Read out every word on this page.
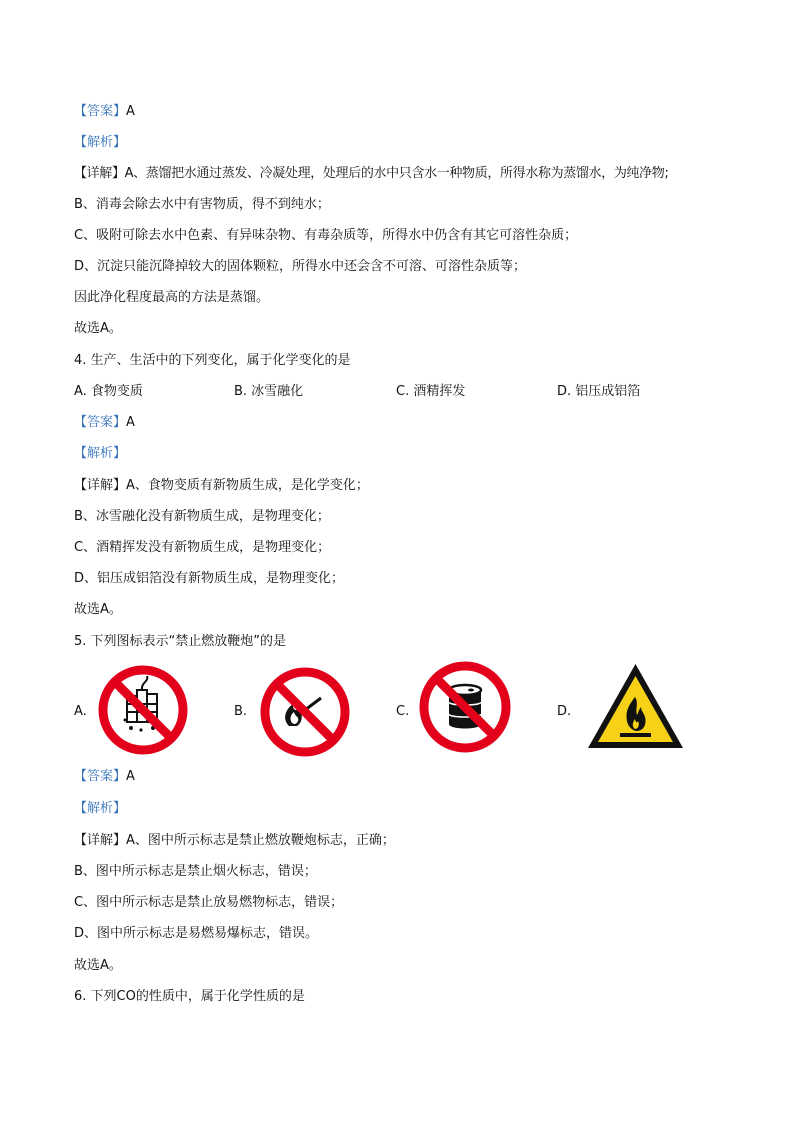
【答案】A
【解析】
【详解】A、蒸馏把水通过蒸发、冷凝处理，处理后的水中只含水一种物质，所得水称为蒸馏水，为纯净物;
B、消毒会除去水中有害物质，得不到纯水；
C、吸附可除去水中色素、有异味杂物、有毒杂质等，所得水中仍含有其它可溶性杂质；
D、沉淀只能沉降掉较大的固体颗粒，所得水中还会含不可溶、可溶性杂质等；
因此净化程度最高的方法是蒸馏。
故选A。
4. 生产、生活中的下列变化，属于化学变化的是
A. 食物变质	B. 冰雪融化	C. 酒精挥发	D. 铝压成铝箔
【答案】A
【解析】
【详解】A、食物变质有新物质生成，是化学变化；
B、冰雪融化没有新物质生成，是物理变化；
C、酒精挥发没有新物质生成，是物理变化；
D、铝压成铝箔没有新物质生成，是物理变化；
故选A。
5. 下列图标表示“禁止燃放鞭炮”的是
A.	B.	C.	D.
【答案】A
【解析】
【详解】A、图中所示标志是禁止燃放鞭炮标志，正确；
B、图中所示标志是禁止烟火标志，错误；
C、图中所示标志是禁止放易燃物标志，错误；
D、图中所示标志是易燃易爆标志，错误。
故选A。
6. 下列CO的性质中，属于化学性质的是
